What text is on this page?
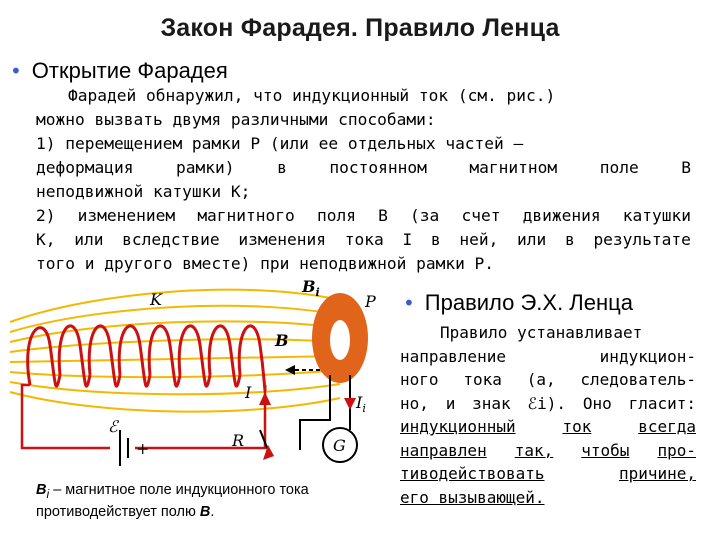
Закон Фарадея. Правило Ленца
• Открытие Фарадея
Фарадей обнаружил, что индукционный ток (см. рис.)
можно вызвать двумя различными способами:
1) перемещением рамки P (или ее отдельных частей –
деформация	рамки)	в	постоянном	магнитном	поле	B
неподвижной катушки K;
2) изменением магнитного поля B (за счет движения катушки
K, или вследствие изменения тока I в ней, или в результате
того и другого вместе) при неподвижной рамки P.
K	P
$B_i$
B
I
$I_i$
ℰ
+	R	G
• Правило Э.Х. Ленца
Правило устанавливает
направление	индукцион-
ного тока (а, следователь-
но, и знак ℰi). Оно гласит:
индукционный	ток	всегда
направлен так, чтобы про-
тиводействовать	причине,
его вызывающей.
$B_i$ – магнитное поле индукционного тока противодействует полю B.
